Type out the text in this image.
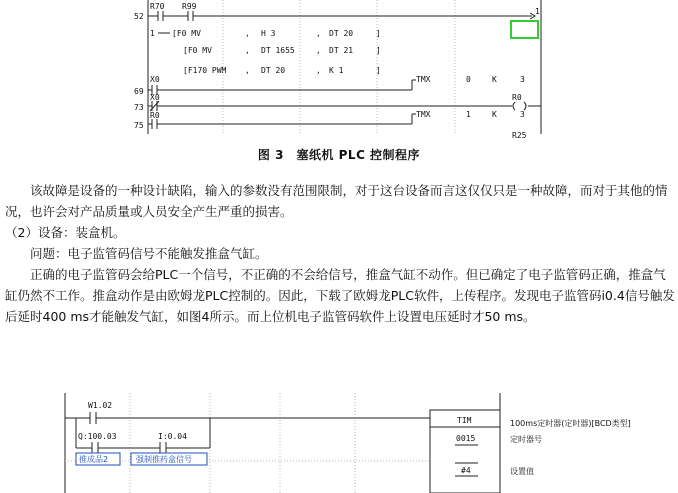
52
R70 R99
1
1 [F0 MV	, H 3	, DT 20	]
[F0 MV	, DT 1655	, DT 21	]
[F170 PWM , DT 20	, K 1	]
69
X0	TMX	0	K	3
73
X0	R0
75
R0	TMX	1	K	3
R25
图 3　塞纸机 PLC 控制程序

该故障是设备的一种设计缺陷，输入的参数没有范围限制，对于这台设备而言这仅仅只是一种故障，而对于其他的情况，也许会对产品质量或人员安全产生严重的损害。

（2）设备：装盒机。

问题：电子监管码信号不能触发推盒气缸。

正确的电子监管码会给PLC一个信号，不正确的不会给信号，推盒气缸不动作。但已确定了电子监管码正确，推盒气缸仍然不工作。推盒动作是由欧姆龙PLC控制的。因此，下载了欧姆龙PLC软件，上传程序。发现电子监管码i0.4信号触发后延时400 ms才能触发气缸，如图4所示。而上位机电子监管码软件上设置电压延时才50 ms。

W1.02
Q:100.03
推成品2
I:0.04
强制推药盒信号
TIM
0015
#4
100ms定时器(定时器)[BCD类型]
定时器号
设置值
